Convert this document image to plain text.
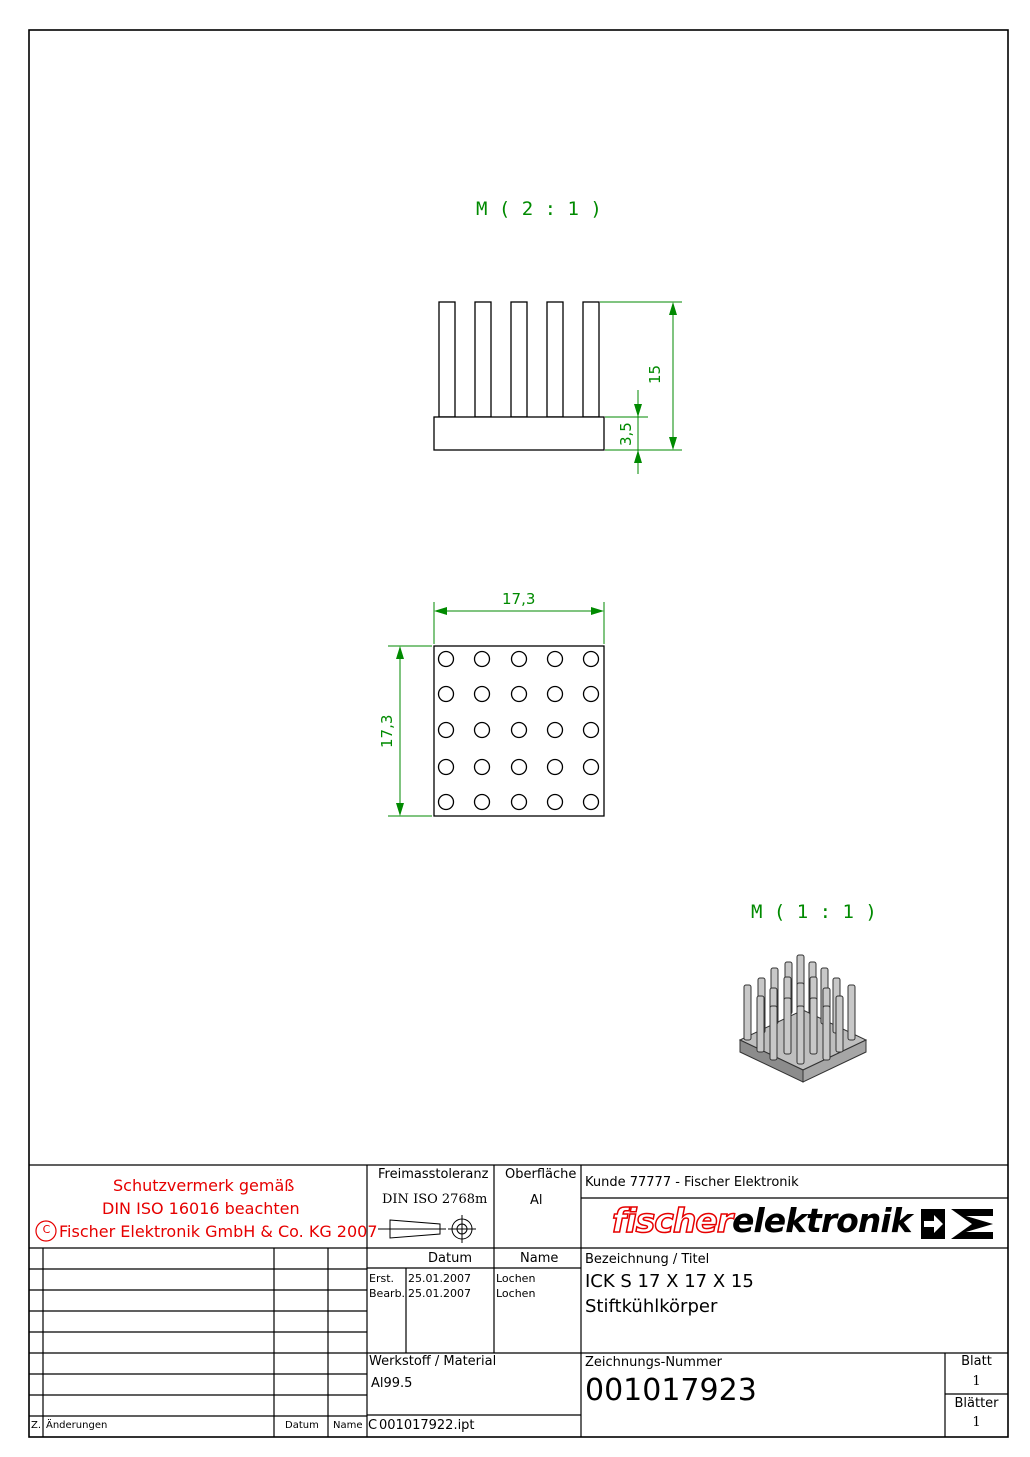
M ( 2 : 1 )
M ( 1 : 1 )
15
3,5
17,3
17,3
Schutzvermerk gemäß
DIN ISO 16016 beachten
C Fischer Elektronik GmbH & Co. KG 2007
Freimasstoleranz
DIN ISO 2768m
Oberfläche
Al
Kunde 77777 - Fischer Elektronik
fischerelektronik
Datum	Name
Erst. 25.01.2007 Lochen
Bearb. 25.01.2007 Lochen
Bezeichnung / Titel
ICK S 17 X 17 X 15
Stiftkühlkörper
Werkstoff / Material
Al99.5
Zeichnungs-Nummer
001017923
Blatt
1
Blätter
1
Z. Änderungen	Datum Name C 001017922.ipt
